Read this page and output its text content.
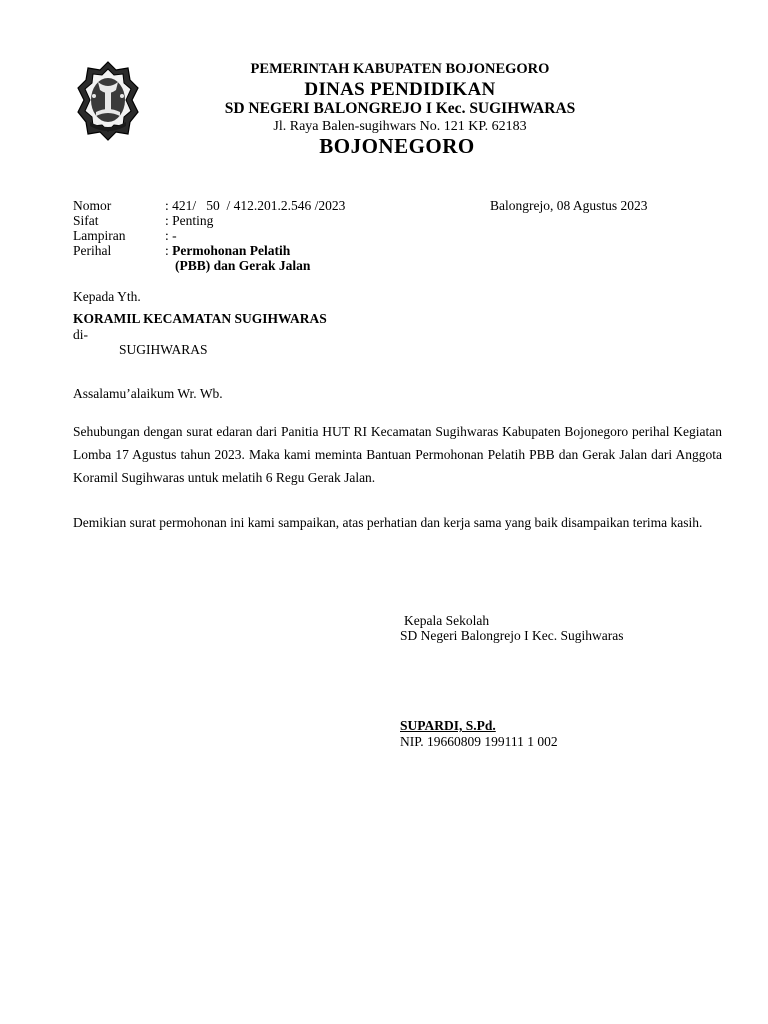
PEMERINTAH KABUPATEN BOJONEGORO
DINAS PENDIDIKAN
SD NEGERI BALONGREJO I Kec. SUGIHWARAS
Jl. Raya Balen-sugihwars No. 121 KP. 62183
BOJONEGORO
Nomor	: 421/   50  / 412.201.2.546 /2023	Balongrejo, 08 Agustus 2023
Sifat	: Penting
Lampiran	: -
Perihal	: Permohonan Pelatih
(PBB) dan Gerak Jalan
Kepada Yth.
KORAMIL KECAMATAN SUGIHWARAS
di-
SUGIHWARAS
Assalamu’alaikum Wr. Wb.
Sehubungan dengan surat edaran dari Panitia HUT RI Kecamatan Sugihwaras Kabupaten Bojonegoro perihal Kegiatan Lomba 17 Agustus tahun 2023. Maka kami meminta Bantuan Permohonan Pelatih PBB dan Gerak Jalan dari Anggota Koramil Sugihwaras untuk melatih 6 Regu Gerak Jalan.
Demikian surat permohonan ini kami sampaikan, atas perhatian dan kerja sama yang baik disampaikan terima kasih.
Kepala Sekolah
SD Negeri Balongrejo I Kec. Sugihwaras
SUPARDI, S.Pd.
NIP. 19660809 199111 1 002
